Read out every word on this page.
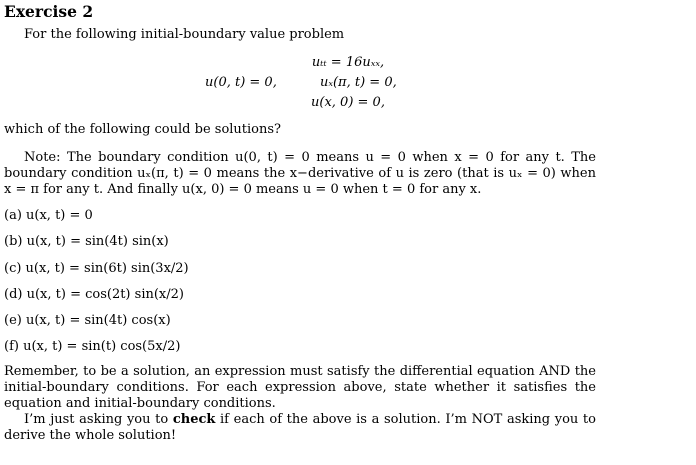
Exercise 2
For the following initial-boundary value problem
uₜₜ = 16uₓₓ,
u(0, t) = 0,	uₓ(π, t) = 0,
u(x, 0) = 0,
which of the following could be solutions?
Note: The boundary condition u(0, t) = 0 means u = 0 when x = 0 for any t. The boundary condition uₓ(π, t) = 0 means the x−derivative of u is zero (that is uₓ = 0) when x = π for any t. And finally u(x, 0) = 0 means u = 0 when t = 0 for any x.
(a) u(x, t) = 0
(b) u(x, t) = sin(4t) sin(x)
(c) u(x, t) = sin(6t) sin(3x/2)
(d) u(x, t) = cos(2t) sin(x/2)
(e) u(x, t) = sin(4t) cos(x)
(f) u(x, t) = sin(t) cos(5x/2)
Remember, to be a solution, an expression must satisfy the differential equation AND the initial-boundary conditions. For each expression above, state whether it satisfies the equation and initial-boundary conditions.
I’m just asking you to check if each of the above is a solution. I’m NOT asking you to derive the whole solution!
